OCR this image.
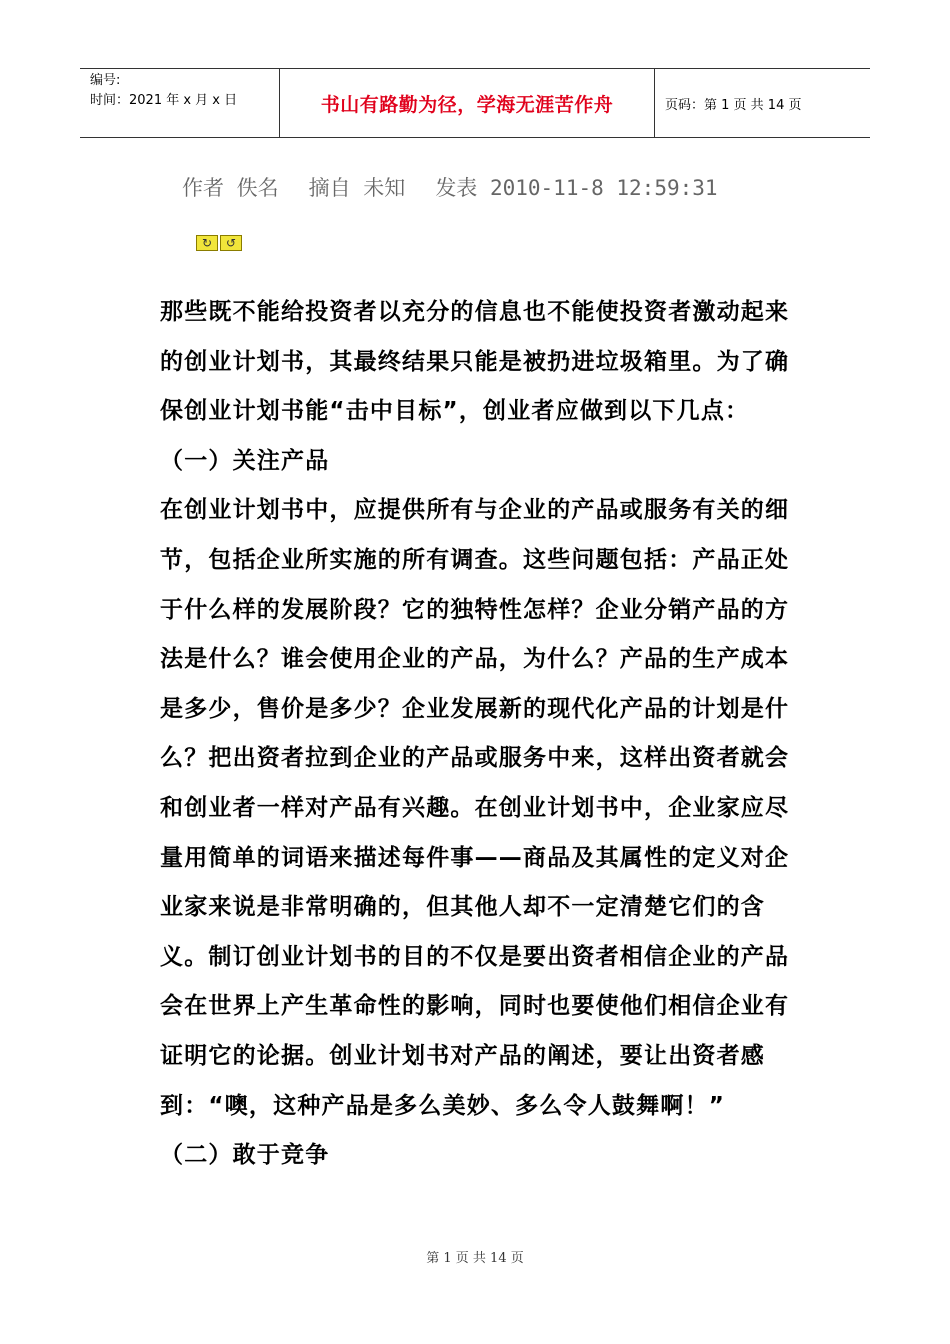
编号:
时间：2021 年 x 月 x 日	书山有路勤为径，学海无涯苦作舟	页码：第 1 页 共 14 页
作者 佚名 摘自 未知 发表 2010-11-8 12:59:31
↻	↺

那些既不能给投资者以充分的信息也不能使投资者激动起来

的创业计划书，其最终结果只能是被扔进垃圾箱里。为了确

保创业计划书能“击中目标”，创业者应做到以下几点：

（一）关注产品

在创业计划书中，应提供所有与企业的产品或服务有关的细

节，包括企业所实施的所有调查。这些问题包括：产品正处

于什么样的发展阶段？它的独特性怎样？企业分销产品的方

法是什么？谁会使用企业的产品，为什么？产品的生产成本

是多少，售价是多少？企业发展新的现代化产品的计划是什

么？把出资者拉到企业的产品或服务中来，这样出资者就会

和创业者一样对产品有兴趣。在创业计划书中，企业家应尽

量用简单的词语来描述每件事——商品及其属性的定义对企

业家来说是非常明确的，但其他人却不一定清楚它们的含

义。制订创业计划书的目的不仅是要出资者相信企业的产品

会在世界上产生革命性的影响，同时也要使他们相信企业有

证明它的论据。创业计划书对产品的阐述，要让出资者感

到：“噢，这种产品是多么美妙、多么令人鼓舞啊！”

（二）敢于竞争

第 1 页 共 14 页
